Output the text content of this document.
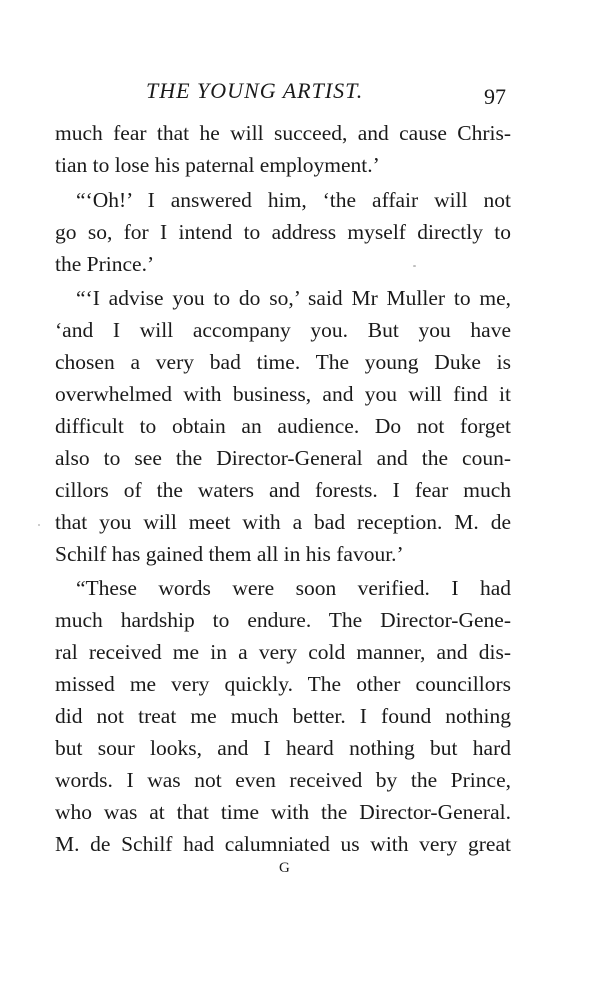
THE YOUNG ARTIST.	97
much fear that he will succeed, and cause Chris-
tian to lose his paternal employment.’
“‘Oh!’ I answered him, ‘the affair will not
go so, for I intend to address myself directly to
the Prince.’
“‘I advise you to do so,’ said Mr Muller to me,
‘and I will accompany you. But you have
chosen a very bad time. The young Duke is
overwhelmed with business, and you will find it
difficult to obtain an audience. Do not forget
also to see the Director-General and the coun-
cillors of the waters and forests. I fear much
that you will meet with a bad reception. M. de
Schilf has gained them all in his favour.’
“These words were soon verified. I had
much hardship to endure. The Director-Gene-
ral received me in a very cold manner, and dis-
missed me very quickly. The other councillors
did not treat me much better. I found nothing
but sour looks, and I heard nothing but hard
words. I was not even received by the Prince,
who was at that time with the Director-General.
M. de Schilf had calumniated us with very great
G
